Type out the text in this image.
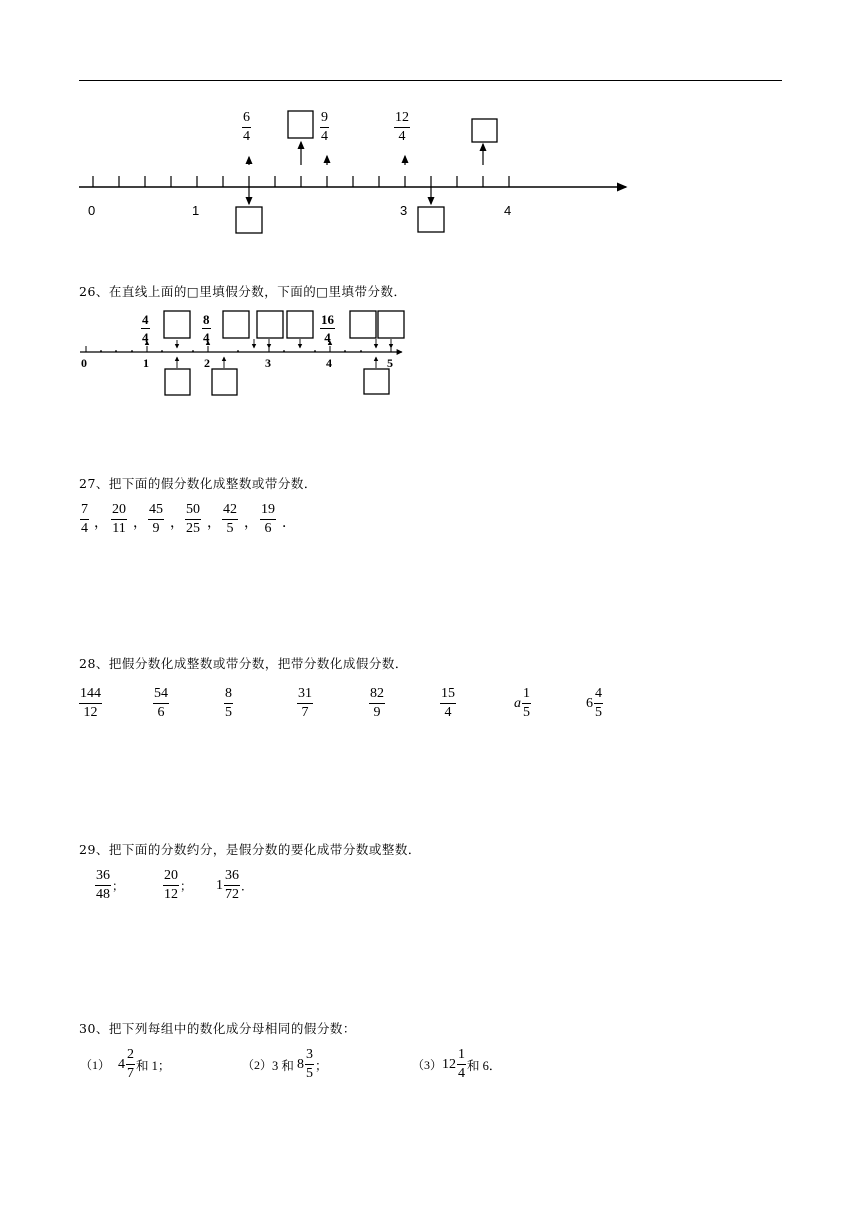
0	1	3	4
6
4
9
4
12
4
26、在直线上面的□里填假分数，下面的□里填带分数．
0	1	2	3	4	5
4
4
8
4
16
4
27、把下面的假分数化成整数或带分数．
7
4 ，
20
11 ，
45
9 ，
50
25 ，
42
5 ，
19
6 ．
28、把假分数化成整数或带分数，把带分数化成假分数．
144
12
54
6
8
5
31
7
82
9
15
4
a $\frac{1}{5}$	$6 \frac{4}{5}$
29、把下面的分数约分，是假分数的要化成带分数或整数．
$\frac{36}{48}$ ；	$\frac{20}{12}$ ； $1 \frac{36}{72}$ ．
30、把下列每组中的数化成分母相同的假分数：
（1） $4 \frac{2}{7}$ 和 1；	（2） 3 和 $8 \frac{3}{5}$ ；	（3） $12 \frac{1}{4}$ 和 6．
